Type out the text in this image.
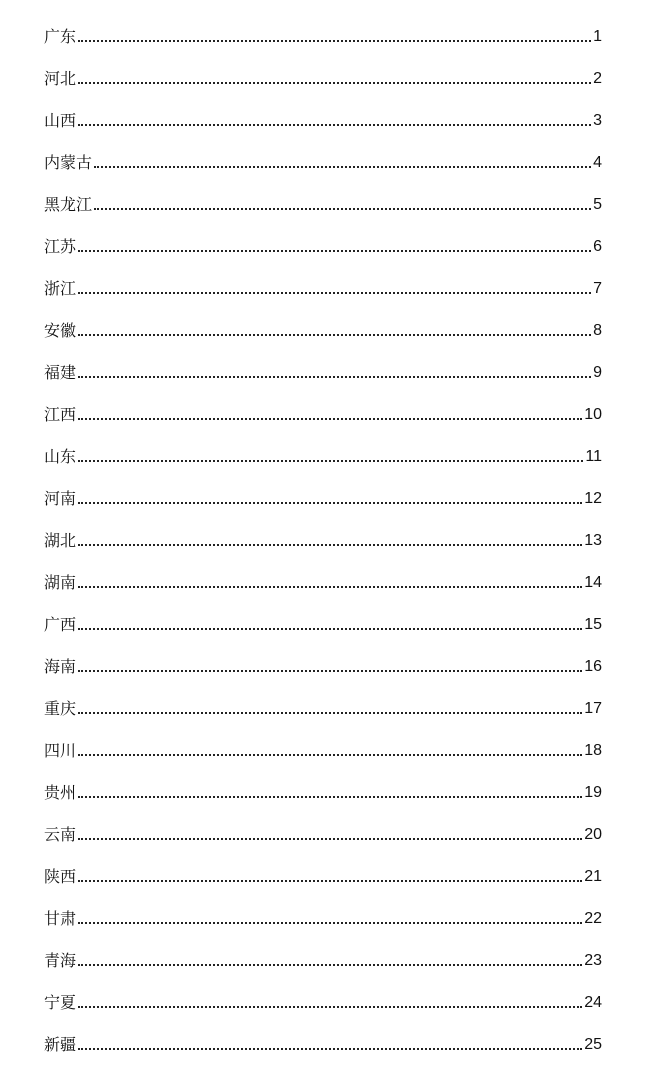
广东	1
河北	2
山西	3
内蒙古	4
黑龙江	5
江苏	6
浙江	7
安徽	8
福建	9
江西	10
山东	11
河南	12
湖北	13
湖南	14
广西	15
海南	16
重庆	17
四川	18
贵州	19
云南	20
陕西	21
甘肃	22
青海	23
宁夏	24
新疆	25
